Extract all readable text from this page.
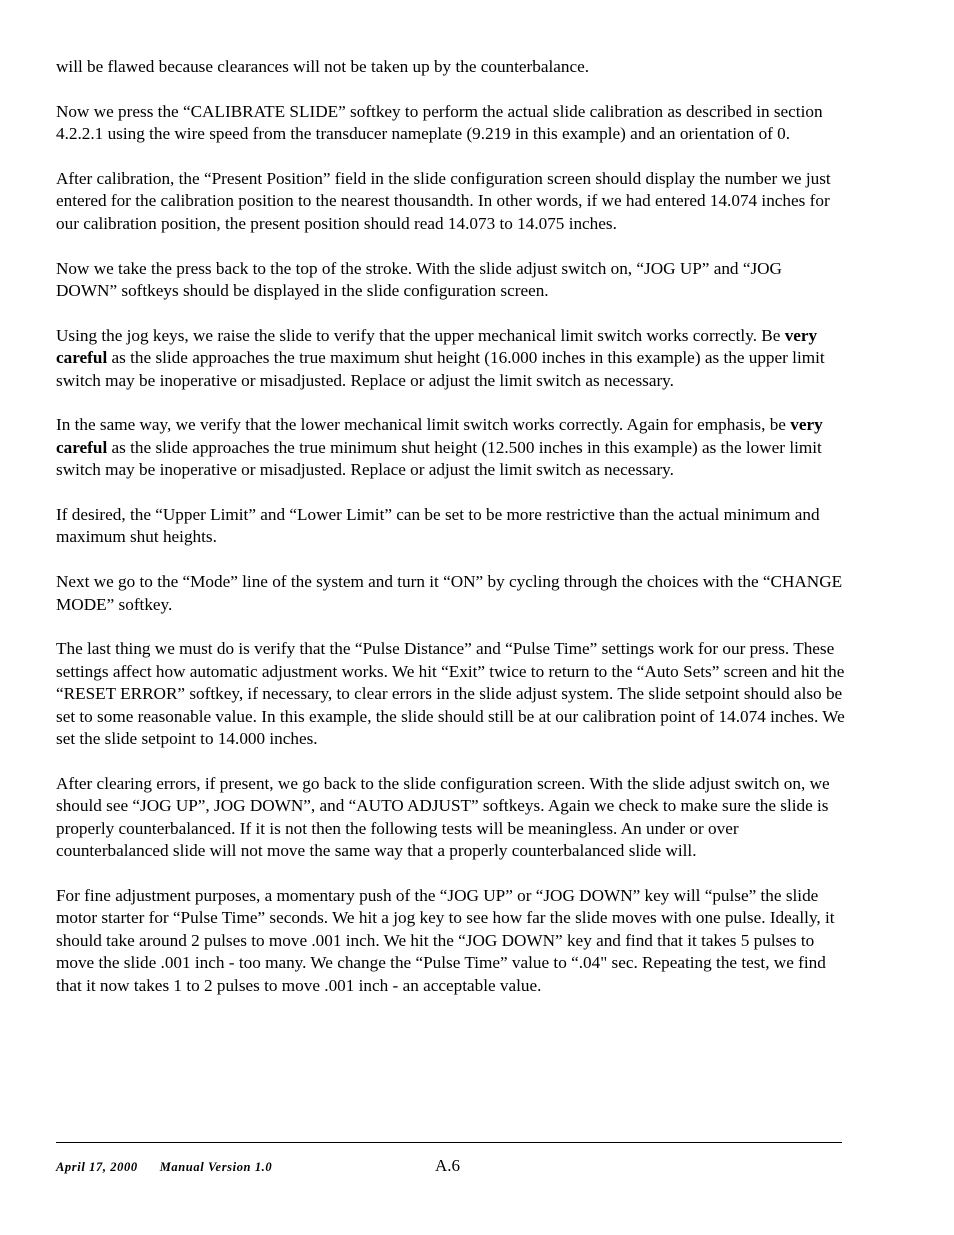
will be flawed because clearances will not be taken up by the counterbalance.

Now we press the “CALIBRATE SLIDE” softkey to perform the actual slide calibration as described in section 4.2.2.1 using the wire speed from the transducer nameplate (9.219 in this example) and an orientation of 0.

After calibration, the “Present Position” field in the slide configuration screen should display the number we just entered for the calibration position to the nearest thousandth. In other words, if we had entered 14.074 inches for our calibration position, the present position should read 14.073 to 14.075 inches.

Now we take the press back to the top of the stroke. With the slide adjust switch on, “JOG UP” and “JOG DOWN” softkeys should be displayed in the slide configuration screen.

Using the jog keys, we raise the slide to verify that the upper mechanical limit switch works correctly. Be very careful as the slide approaches the true maximum shut height (16.000 inches in this example) as the upper limit switch may be inoperative or misadjusted. Replace or adjust the limit switch as necessary.

In the same way, we verify that the lower mechanical limit switch works correctly. Again for emphasis, be very careful as the slide approaches the true minimum shut height (12.500 inches in this example) as the lower limit switch may be inoperative or misadjusted. Replace or adjust the limit switch as necessary.

If desired, the “Upper Limit” and “Lower Limit” can be set to be more restrictive than the actual minimum and maximum shut heights.

Next we go to the “Mode” line of the system and turn it “ON” by cycling through the choices with the “CHANGE MODE” softkey.

The last thing we must do is verify that the “Pulse Distance” and “Pulse Time” settings work for our press. These settings affect how automatic adjustment works. We hit “Exit” twice to return to the “Auto Sets” screen and hit the “RESET ERROR” softkey, if necessary, to clear errors in the slide adjust system. The slide setpoint should also be set to some reasonable value. In this example, the slide should still be at our calibration point of 14.074 inches. We set the slide setpoint to 14.000 inches.

After clearing errors, if present, we go back to the slide configuration screen. With the slide adjust switch on, we should see “JOG UP”, JOG DOWN”, and “AUTO ADJUST” softkeys. Again we check to make sure the slide is properly counterbalanced. If it is not then the following tests will be meaningless. An under or over counterbalanced slide will not move the same way that a properly counterbalanced slide will.

For fine adjustment purposes, a momentary push of the “JOG UP” or “JOG DOWN” key will “pulse” the slide motor starter for “Pulse Time” seconds. We hit a jog key to see how far the slide moves with one pulse. Ideally, it should take around 2 pulses to move .001 inch. We hit the “JOG DOWN” key and find that it takes 5 pulses to move the slide .001 inch - too many. We change the “Pulse Time” value to “.04" sec. Repeating the test, we find that it now takes 1 to 2 pulses to move .001 inch - an acceptable value.

April 17, 2000 Manual Version 1.0	A.6
